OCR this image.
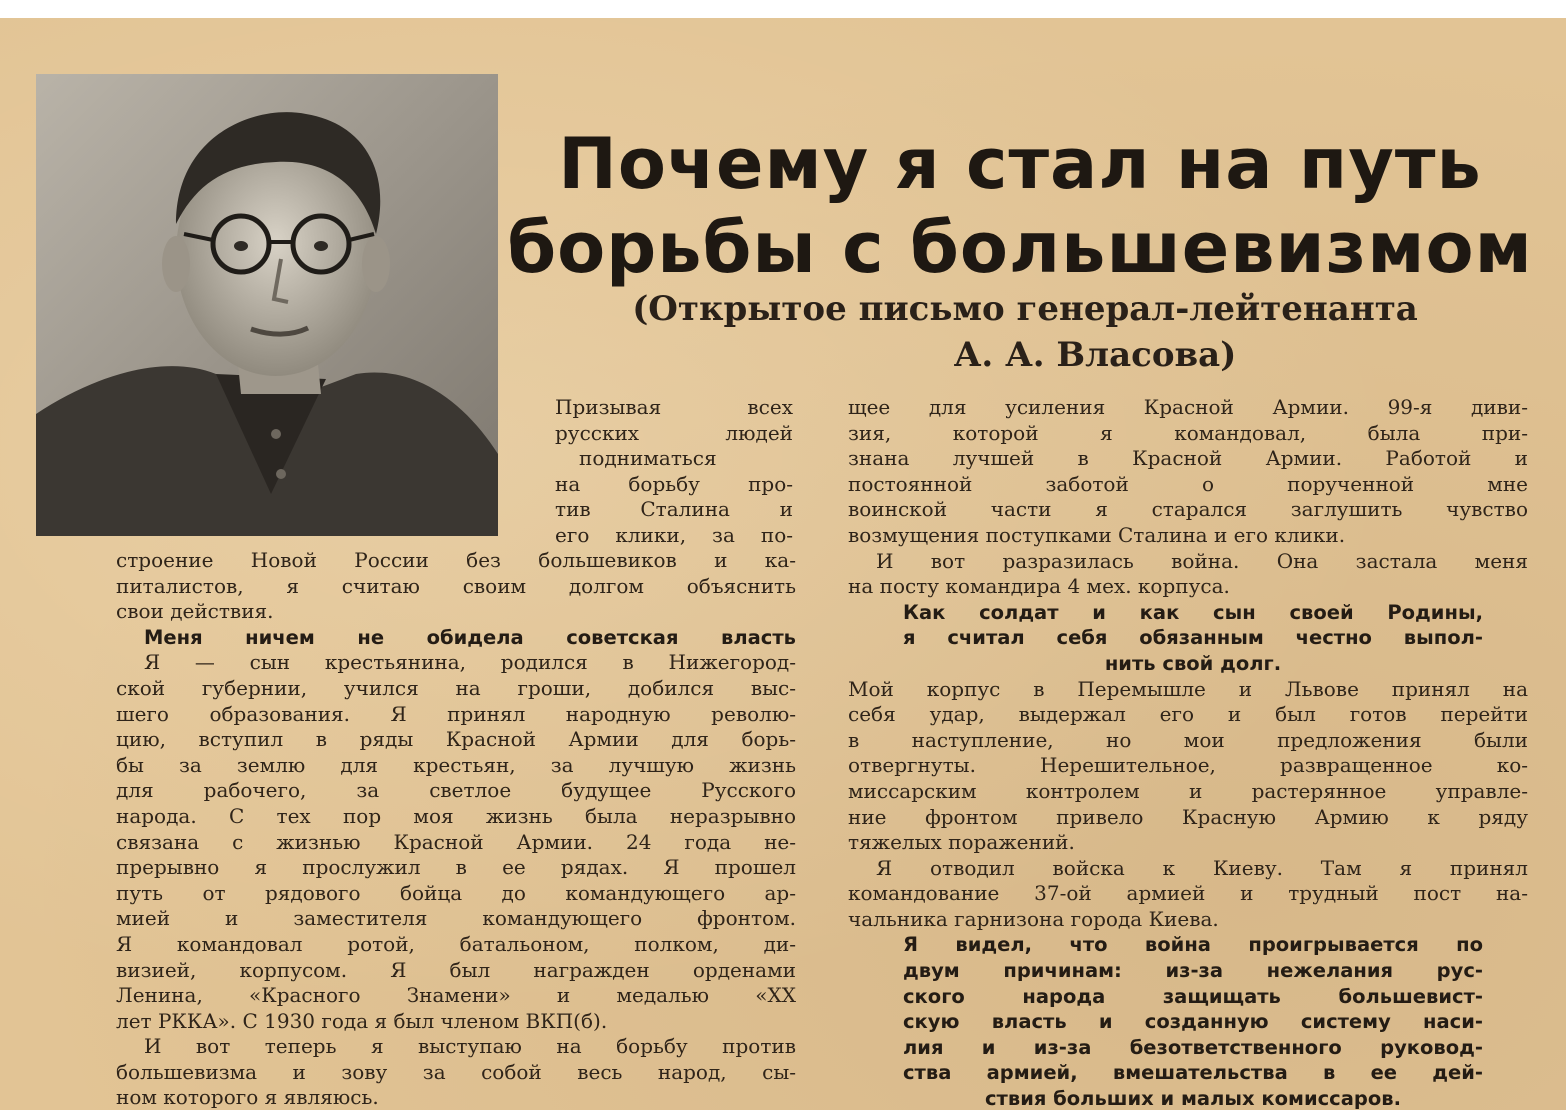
Почему я стал на путь
борьбы с большевизмом
(Открытое письмо генерал-лейтенанта
А. А. Власова)

Призывая всех

русских людей

подниматься

на борьбу про-

тив Сталина и

его клики, за по-

строение Новой России без большевиков и ка-

питалистов, я считаю своим долгом объяснить

свои действия.

Меня ничем не обидела советская власть

Я — сын крестьянина, родился в Нижегород-

ской губернии, учился на гроши, добился выс-

шего образования. Я принял народную револю-

цию, вступил в ряды Красной Армии для борь-

бы за землю для крестьян, за лучшую жизнь

для рабочего, за светлое будущее Русского

народа. С тех пор моя жизнь была неразрывно

связана с жизнью Красной Армии. 24 года не-

прерывно я прослужил в ее рядах. Я прошел

путь от рядового бойца до командующего ар-

мией и заместителя командующего фронтом.

Я командовал ротой, батальоном, полком, ди-

визией, корпусом. Я был награжден орденами

Ленина, «Красного Знамени» и медалью «XX

лет РККА». С 1930 года я был членом ВКП(б).

И вот теперь я выступаю на борьбу против

большевизма и зову за собой весь народ, сы-

ном которого я являюсь.

щее для усиления Красной Армии. 99-я диви-

зия, которой я командовал, была при-

знана лучшей в Красной Армии. Работой и

постоянной заботой о порученной мне

воинской части я старался заглушить чувство

возмущения поступками Сталина и его клики.

И вот разразилась война. Она застала меня

на посту командира 4 мех. корпуса.

Как солдат и как сын своей Родины,

я считал себя обязанным честно выпол-

нить свой долг.

Мой корпус в Перемышле и Львове принял на

себя удар, выдержал его и был готов перейти

в наступление, но мои предложения были

отвергнуты. Нерешительное, развращенное ко-

миссарским контролем и растерянное управле-

ние фронтом привело Красную Армию к ряду

тяжелых поражений.

Я отводил войска к Киеву. Там я принял

командование 37-ой армией и трудный пост на-

чальника гарнизона города Киева.

Я видел, что война проигрывается по

двум причинам: из-за нежелания рус-

ского народа защищать большевист-

скую власть и созданную систему наси-

лия и из-за безответственного руковод-

ства армией, вмешательства в ее дей-

ствия больших и малых комиссаров.
